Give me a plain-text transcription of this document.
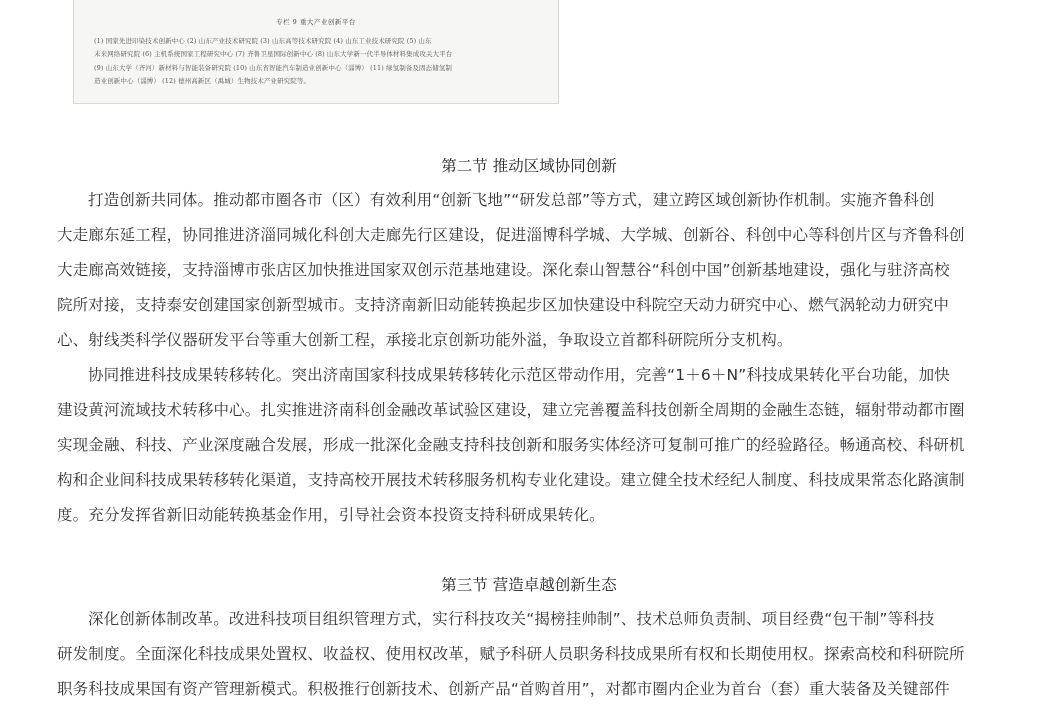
专栏 9 重大产业创新平台
(1) 国家先进印染技术创新中心 (2) 山东产业技术研究院 (3) 山东高等技术研究院 (4) 山东工业技术研究院 (5) 山东
未来网络研究院 (6) 主机系统国家工程研究中心 (7) 齐鲁卫星国际创新中心 (8) 山东大学新一代半导体材料集成攻关大平台
(9) 山东大学（齐河）新材料与智能装备研究院 (10) 山东省智能汽车制造业创新中心（淄博） (11) 绿氢制备及固态储氢制
造业创新中心（淄博） (12) 德州高新区（禹城）生物技术产业研究院等。
第二节 推动区域协同创新
打造创新共同体。推动都市圈各市（区）有效利用“创新飞地”“研发总部”等方式，建立跨区域创新协作机制。实施齐鲁科创
大走廊东延工程，协同推进济淄同城化科创大走廊先行区建设，促进淄博科学城、大学城、创新谷、科创中心等科创片区与齐鲁科创
大走廊高效链接，支持淄博市张店区加快推进国家双创示范基地建设。深化泰山智慧谷“科创中国”创新基地建设，强化与驻济高校
院所对接，支持泰安创建国家创新型城市。支持济南新旧动能转换起步区加快建设中科院空天动力研究中心、燃气涡轮动力研究中
心、射线类科学仪器研发平台等重大创新工程，承接北京创新功能外溢，争取设立首都科研院所分支机构。
协同推进科技成果转移转化。突出济南国家科技成果转移转化示范区带动作用，完善“1＋6＋N”科技成果转化平台功能，加快
建设黄河流域技术转移中心。扎实推进济南科创金融改革试验区建设，建立完善覆盖科技创新全周期的金融生态链，辐射带动都市圈
实现金融、科技、产业深度融合发展，形成一批深化金融支持科技创新和服务实体经济可复制可推广的经验路径。畅通高校、科研机
构和企业间科技成果转移转化渠道，支持高校开展技术转移服务机构专业化建设。建立健全技术经纪人制度、科技成果常态化路演制
度。充分发挥省新旧动能转换基金作用，引导社会资本投资支持科研成果转化。
第三节 营造卓越创新生态
深化创新体制改革。改进科技项目组织管理方式，实行科技攻关“揭榜挂帅制”、技术总师负责制、项目经费“包干制”等科技
研发制度。全面深化科技成果处置权、收益权、使用权改革，赋予科研人员职务科技成果所有权和长期使用权。探索高校和科研院所
职务科技成果国有资产管理新模式。积极推行创新技术、创新产品“首购首用”，对都市圈内企业为首台（套）重大装备及关键部件
